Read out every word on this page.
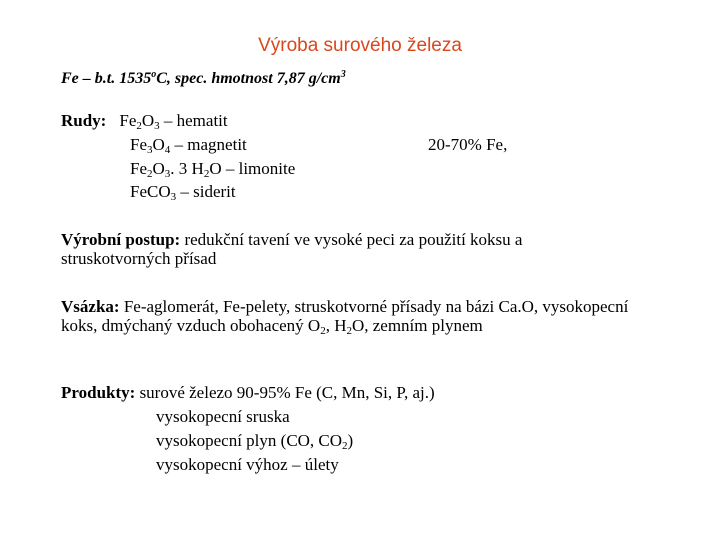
Výroba surového železa
Fe – b.t. 1535$^o$C, spec. hmotnost 7,87 $g/cm^3$
Rudy: $Fe_2O_3$ – hematit
$Fe_3O_4$ – magnetit	20-70% Fe,
$Fe_2O_3$. 3 $H_2O$ – limonite
FeCO$_3$ – siderit
Výrobní postup: redukční tavení ve vysoké peci za použití koksu a struskotvorných přísad
Vsázka: Fe-aglomerát, Fe-pelety, struskotvorné přísady na bázi Ca.O, vysokopecní koks, dmýchaný vzduch obohacený $O_2$, $H_2O$, zemním plynem
Produkty: surové železo 90-95% Fe (C, Mn, Si, P, aj.)
vysokopecní sruska
vysokopecní plyn (CO, $CO_2$)
vysokopecní výhoz – úlety
